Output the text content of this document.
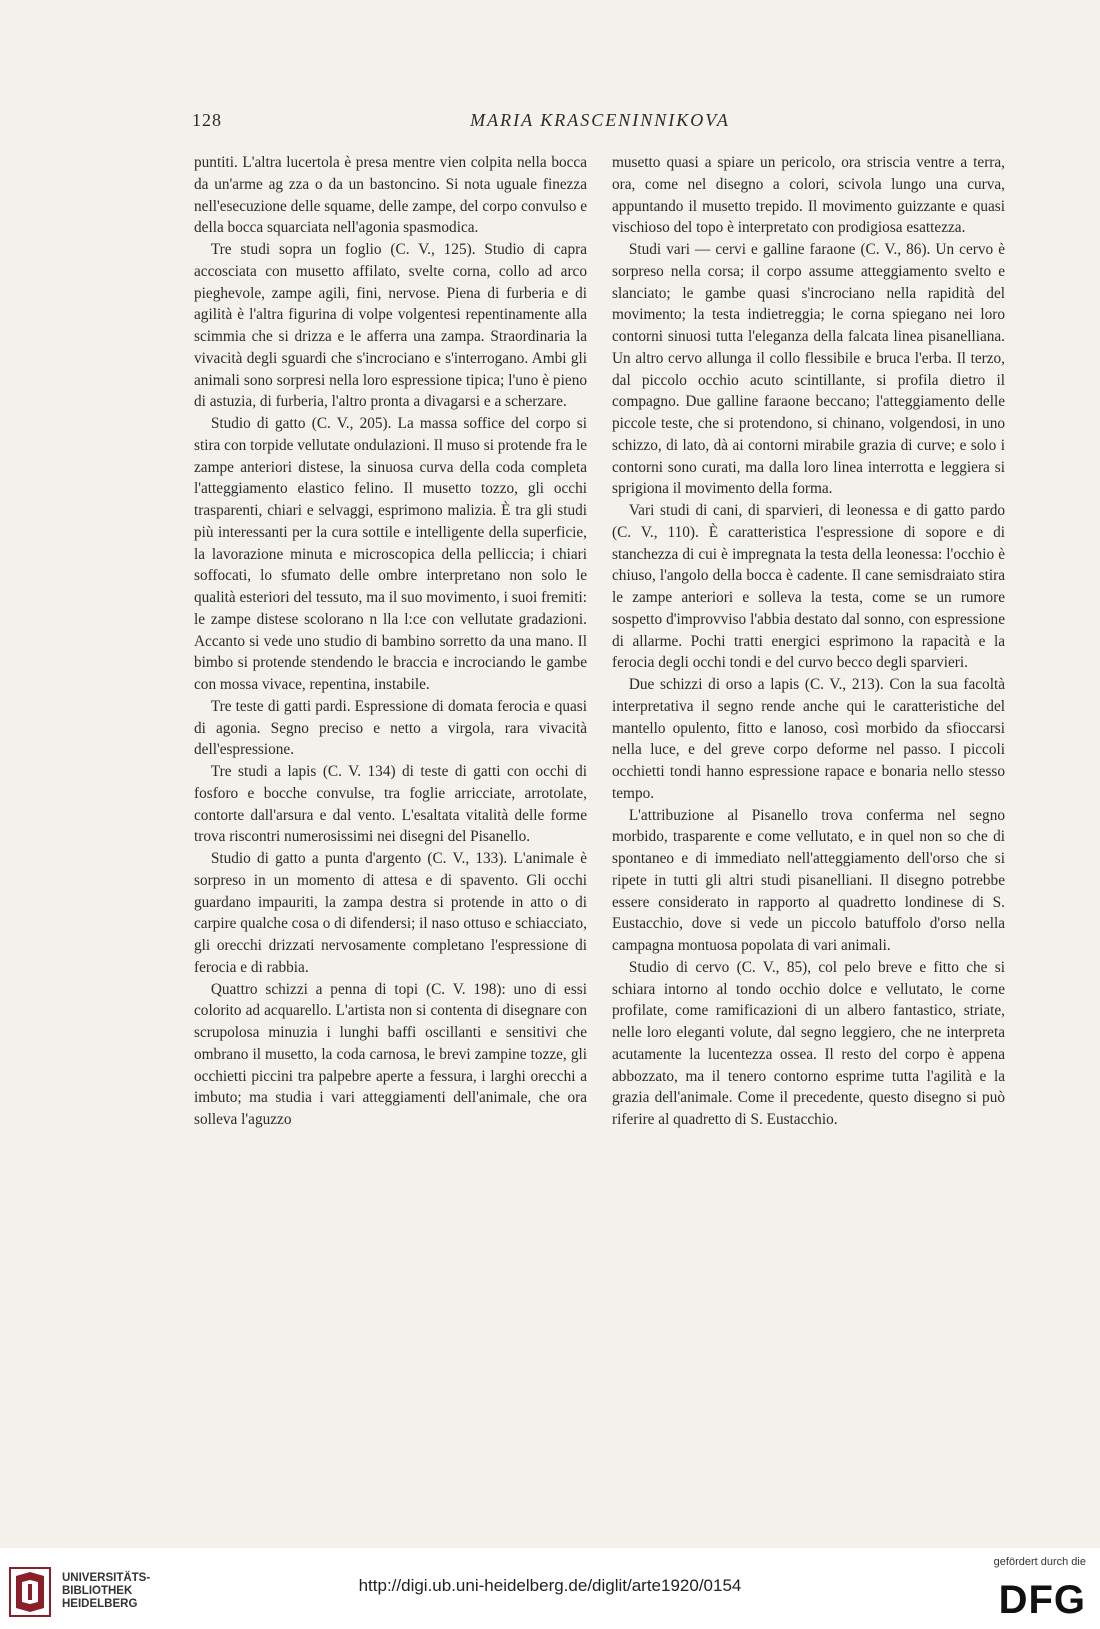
128	MARIA KRASCENINNIKOVA

puntiti. L'altra lucertola è presa mentre vien colpita nella bocca da un'arme ag zza o da un bastoncino. Si nota uguale finezza nell'esecuzione delle squame, delle zampe, del corpo convulso e della bocca squarciata nell'agonia spasmodica.

Tre studi sopra un foglio (C. V., 125). Studio di capra accosciata con musetto affilato, svelte corna, collo ad arco pieghevole, zampe agili, fini, nervose. Piena di furberia e di agilità è l'altra figurina di volpe volgentesi repentinamente alla scimmia che si drizza e le afferra una zampa. Straordinaria la vivacità degli sguardi che s'incrociano e s'interrogano. Ambi gli animali sono sorpresi nella loro espressione tipica; l'uno è pieno di astuzia, di furberia, l'altro pronta a divagarsi e a scherzare.

Studio di gatto (C. V., 205). La massa soffice del corpo si stira con torpide vellutate ondulazioni. Il muso si protende fra le zampe anteriori distese, la sinuosa curva della coda completa l'atteggiamento elastico felino. Il musetto tozzo, gli occhi trasparenti, chiari e selvaggi, esprimono malizia. È tra gli studi più interessanti per la cura sottile e intelligente della superficie, la lavorazione minuta e microscopica della pelliccia; i chiari soffocati, lo sfumato delle ombre interpretano non solo le qualità esteriori del tessuto, ma il suo movimento, i suoi fremiti: le zampe distese scolorano n lla l:ce con vellutate gradazioni. Accanto si vede uno studio di bambino sorretto da una mano. Il bimbo si protende stendendo le braccia e incrociando le gambe con mossa vivace, repentina, instabile.

Tre teste di gatti pardi. Espressione di domata ferocia e quasi di agonia. Segno preciso e netto a virgola, rara vivacità dell'espressione.

Tre studi a lapis (C. V. 134) di teste di gatti con occhi di fosforo e bocche convulse, tra foglie arricciate, arrotolate, contorte dall'arsura e dal vento. L'esaltata vitalità delle forme trova riscontri numerosissimi nei disegni del Pisanello.

Studio di gatto a punta d'argento (C. V., 133). L'animale è sorpreso in un momento di attesa e di spavento. Gli occhi guardano impauriti, la zampa destra si protende in atto o di carpire qualche cosa o di difendersi; il naso ottuso e schiacciato, gli orecchi drizzati nervosamente completano l'espressione di ferocia e di rabbia.

Quattro schizzi a penna di topi (C. V. 198): uno di essi colorito ad acquarello. L'artista non si contenta di disegnare con scrupolosa minuzia i lunghi baffi oscillanti e sensitivi che ombrano il musetto, la coda carnosa, le brevi zampine tozze, gli occhietti piccini tra palpebre aperte a fessura, i larghi orecchi a imbuto; ma studia i vari atteggiamenti dell'animale, che ora solleva l'aguzzo

musetto quasi a spiare un pericolo, ora striscia ventre a terra, ora, come nel disegno a colori, scivola lungo una curva, appuntando il musetto trepido. Il movimento guizzante e quasi vischioso del topo è interpretato con prodigiosa esattezza.

Studi vari — cervi e galline faraone (C. V., 86). Un cervo è sorpreso nella corsa; il corpo assume atteggiamento svelto e slanciato; le gambe quasi s'incrociano nella rapidità del movimento; la testa indietreggia; le corna spiegano nei loro contorni sinuosi tutta l'eleganza della falcata linea pisanelliana. Un altro cervo allunga il collo flessibile e bruca l'erba. Il terzo, dal piccolo occhio acuto scintillante, si profila dietro il compagno. Due galline faraone beccano; l'atteggiamento delle piccole teste, che si protendono, si chinano, volgendosi, in uno schizzo, di lato, dà ai contorni mirabile grazia di curve; e solo i contorni sono curati, ma dalla loro linea interrotta e leggiera si sprigiona il movimento della forma.

Vari studi di cani, di sparvieri, di leonessa e di gatto pardo (C. V., 110). È caratteristica l'espressione di sopore e di stanchezza di cui è impregnata la testa della leonessa: l'occhio è chiuso, l'angolo della bocca è cadente. Il cane semisdraiato stira le zampe anteriori e solleva la testa, come se un rumore sospetto d'improvviso l'abbia destato dal sonno, con espressione di allarme. Pochi tratti energici esprimono la rapacità e la ferocia degli occhi tondi e del curvo becco degli sparvieri.

Due schizzi di orso a lapis (C. V., 213). Con la sua facoltà interpretativa il segno rende anche qui le caratteristiche del mantello opulento, fitto e lanoso, così morbido da sfioccarsi nella luce, e del greve corpo deforme nel passo. I piccoli occhietti tondi hanno espressione rapace e bonaria nello stesso tempo.

L'attribuzione al Pisanello trova conferma nel segno morbido, trasparente e come vellutato, e in quel non so che di spontaneo e di immediato nell'atteggiamento dell'orso che si ripete in tutti gli altri studi pisanelliani. Il disegno potrebbe essere considerato in rapporto al quadretto londinese di S. Eustacchio, dove si vede un piccolo batuffolo d'orso nella campagna montuosa popolata di vari animali.

Studio di cervo (C. V., 85), col pelo breve e fitto che si schiara intorno al tondo occhio dolce e vellutato, le corne profilate, come ramificazioni di un albero fantastico, striate, nelle loro eleganti volute, dal segno leggiero, che ne interpreta acutamente la lucentezza ossea. Il resto del corpo è appena abbozzato, ma il tenero contorno esprime tutta l'agilità e la grazia dell'animale. Come il precedente, questo disegno si può riferire al quadretto di S. Eustacchio.

UNIVERSITÄTS-
BIBLIOTHEK
HEIDELBERG
http://digi.ub.uni-heidelberg.de/diglit/arte1920/0154
gefördert durch die
DFG
